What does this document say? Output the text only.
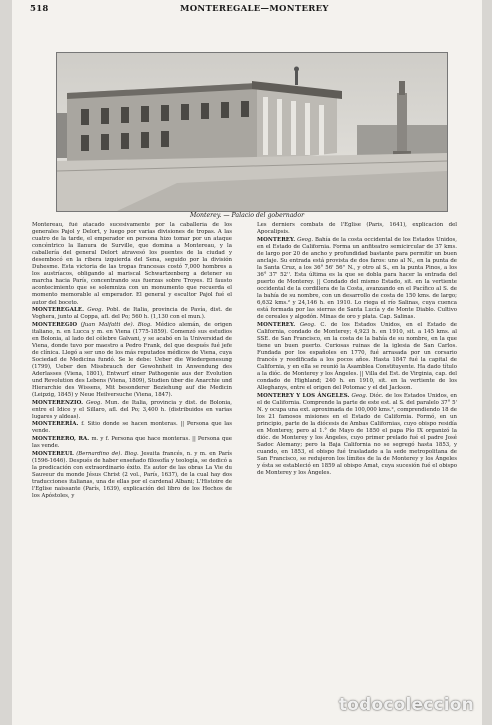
518	MONTEREGALE—MONTEREY
Monterey. — Palacio del gobernador

Montereau, fué atacado sucesivamente por la caballería de los generales Pajol y Delort, y luego por varias divisiones de tropas. A las cuatro de la tarde, el emperador en persona hizo tomar por un ataque concéntrico la llanura de Surville, que domina a Montereau, y la caballería del general Delort atravesó los puentes de la ciudad y desembocó en la ribera izquierda del Sena, seguido por la división Duhesme. Esta victoria de las tropas francesas costó 7,000 hombres a los austríacos, obligando al mariscal Schwartzenberg a detener su marcha hacia París, concentrando sus fuerzas sobre Troyes. El fausto acontecimiento que se solemniza con un monumento que recuerda el momento memorable al emperador. El general y escultor Pajol fué el autor del boceto.

MONTEREGALE. Geog. Pobl. de Italia, provincia de Pavía, dist. de Voghera, junto al Coppa, afl. del Po; 560 h. (1,130 con el mun.).

MONTEREGIO (Juan Malfatti de). Biog. Médico alemán, de origen italiano, n. en Lucca y m. en Viena (1775-1859). Comenzó sus estudios en Bolonia, al lado del célebre Galvani, y se acabó en la Universidad de Viena, donde tuvo por maestro a Pedro Frank, del que después fué jefe de clínica. Llegó a ser uno de los más reputados médicos de Viena, cuya Sociedad de Medicina fundó. Se le debe: Ueber die Wiedergenesung (1799), Ueber den Missbrauch der Gewohnheit in Anwendung des Aderlasses (Viena, 1801), Entwurf einer Pathogenie aus der Evolution und Revolution des Lebens (Viena, 1809), Studien über die Anarchie und Hierarchie des Wissens, Mit besonderer Beziehung auf die Medicin (Leipzig, 1845) y Neue Heilversuche (Viena, 1847).

MONTERENZIO. Geog. Mun. de Italia, provincia y dist. de Bolonia, entre el Idice y el Sillaro, afl. del Po; 3,400 h. (distribuidos en varias lugares y aldeas).

MONTERERÍA. f. Sitio donde se hacen monteras. || Persona que las vende.

MONTERERO, RA. m. y f. Persona que hace monteras. || Persona que las vende.

MONTEREUL (Bernardino de). Biog. Jesuita francés, n. y m. en París (1596-1646). Después de haber enseñado filosofía y teología, se dedicó a la predicación con extraordinario éxito. Es autor de las obras La Vie du Sauveur du monde Jésus Christ (2 vol., París, 1637), de la cual hay dos traducciones italianas, una de ellas por el cardenal Albani; L'Histoire de l'Eglise naissante (París, 1639), explicación del libro de los Hechos de los Apóstoles, y

Les derniers combats de l'Eglise (París, 1641), explicación del Apocalipsis.

MONTEREY. Geog. Bahía de la costa occidental de los Estados Unidos, en el Estado de California. Forma un anfiteatro semicircular de 37 kms. de largo por 20 de ancho y profundidad bastante para permitir un buen anclaje. Su entrada está provista de dos faros: uno al N., en la punta de la Santa Cruz, a los 36° 56' 56'' N., y otro al S., en la punta Pinos, a los 36° 37' 52''. Esta última es la que se dobla para hacer la entrada del puerto de Monterey. || Condado del mismo Estado, sit. en la vertiente occidental de la cordillera de la Costa, avanzando en el Pacífico al S. de la bahía de su nombre, con un desarrollo de costa de 150 kms. de largo; 6,632 kms.² y 24,146 h. en 1910. Lo riega el río Salinas, cuya cuenca está formada por las sierras de Santa Lucía y de Monte Diablo. Cultivo de cereales y algodón. Minas de oro y plata. Cap. Salinas.

MONTEREY. Geog. C. de los Estados Unidos, en el Estado de California, condado de Monterey; 4,923 h. en 1910, sit. a 145 kms. al SSE. de San Francisco, en la costa de la bahía de su nombre, en la que tiene un buen puerto. Curiosas ruinas de la iglesia de San Carlos. Fundada por los españoles en 1770, fué arrasada por un corsario francés y reedificada a los pocos años. Hasta 1847 fué la capital de California, y en ella se reunió la Asamblea Constituyente. Ha dado título a la dióc. de Monterey y los Ángeles. || Villa del Est. de Virginia, cap. del condado de Highland; 240 h. en 1910, sit. en la vertiente de los Alleghanys, entre el origen del Potomac y el del Jackson.

MONTEREY Y LOS ÁNGELES. Geog. Dióc. de los Estados Unidos, en el de California. Comprende la parte de este est. al S. del paralelo 37° 5' N. y ocupa una ext. aproximada de 100,000 kms.², comprendiendo 18 de los 21 famosos misiones en el Estado de California. Formó, en un principio, parte de la diócesis de Ambas Californias, cuyo obispo residía en Monterey, pero al 1.° de Mayo de 1850 el papa Pío IX organizó la dióc. de Monterey y los Ángeles, cuyo primer prelado fué el padre José Sadoc Alemany; pero la Baja California no se segregó hasta 1853, y cuando, en 1853, el obispo fué trasladado a la sede metropolitana de San Francisco, se redujeron los límites de la de Monterey y los Ángeles y ésta se estableció en 1859 al obispo Amat, cuya sucesión fué el obispo de Monterey y los Ángeles.

todocoleccion
